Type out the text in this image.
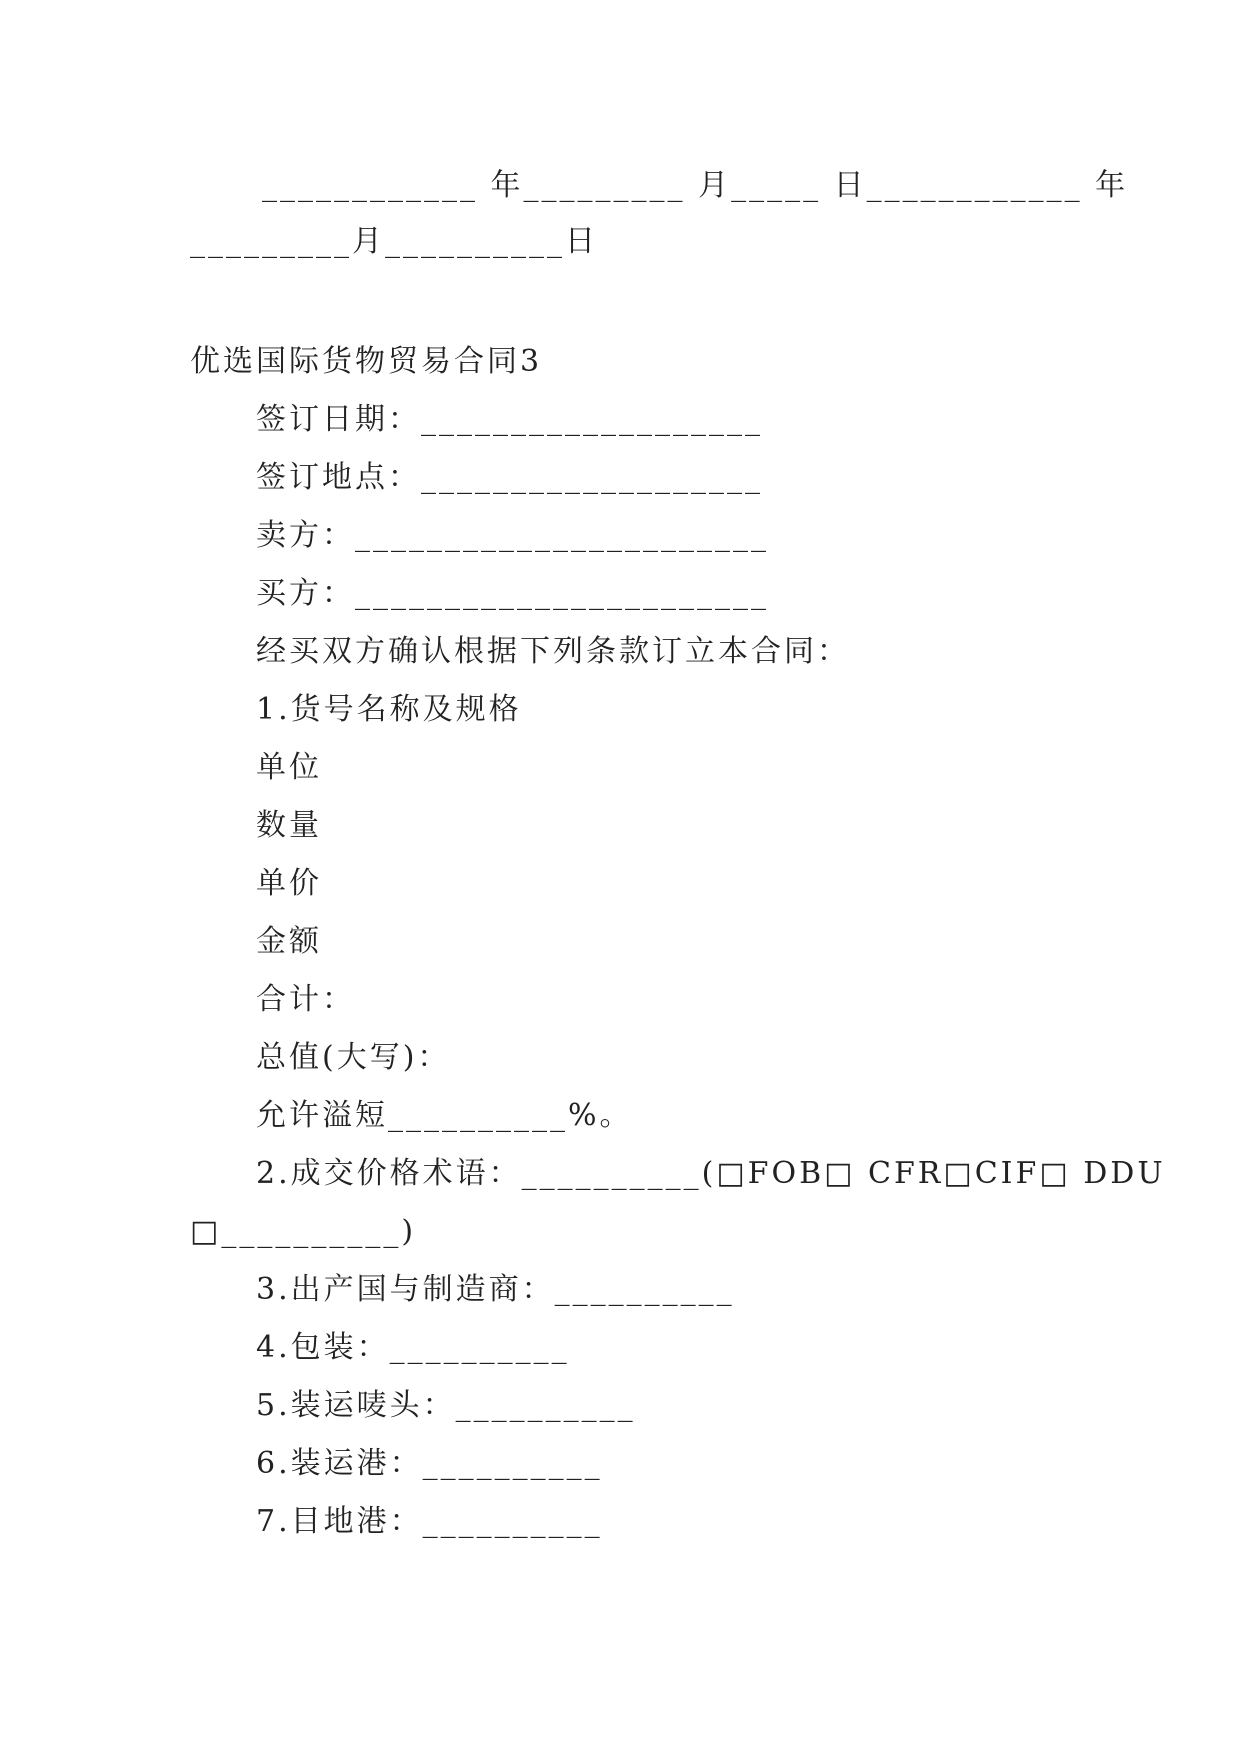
____________ 年_________ 月_____ 日____________ 年
_________月__________日
优选国际货物贸易合同3
签订日期：___________________
签订地点：___________________
卖方：_______________________
买方：_______________________
经买双方确认根据下列条款订立本合同：
1.货号名称及规格
单位
数量
单价
金额
合计：
总值(大写)：
允许溢短__________%。
2.成交价格术语：__________(□FOB□ CFR□CIF□ DDU
□__________)
3.出产国与制造商：__________
4.包装：__________
5.装运唛头：__________
6.装运港：__________
7.目地港：__________
